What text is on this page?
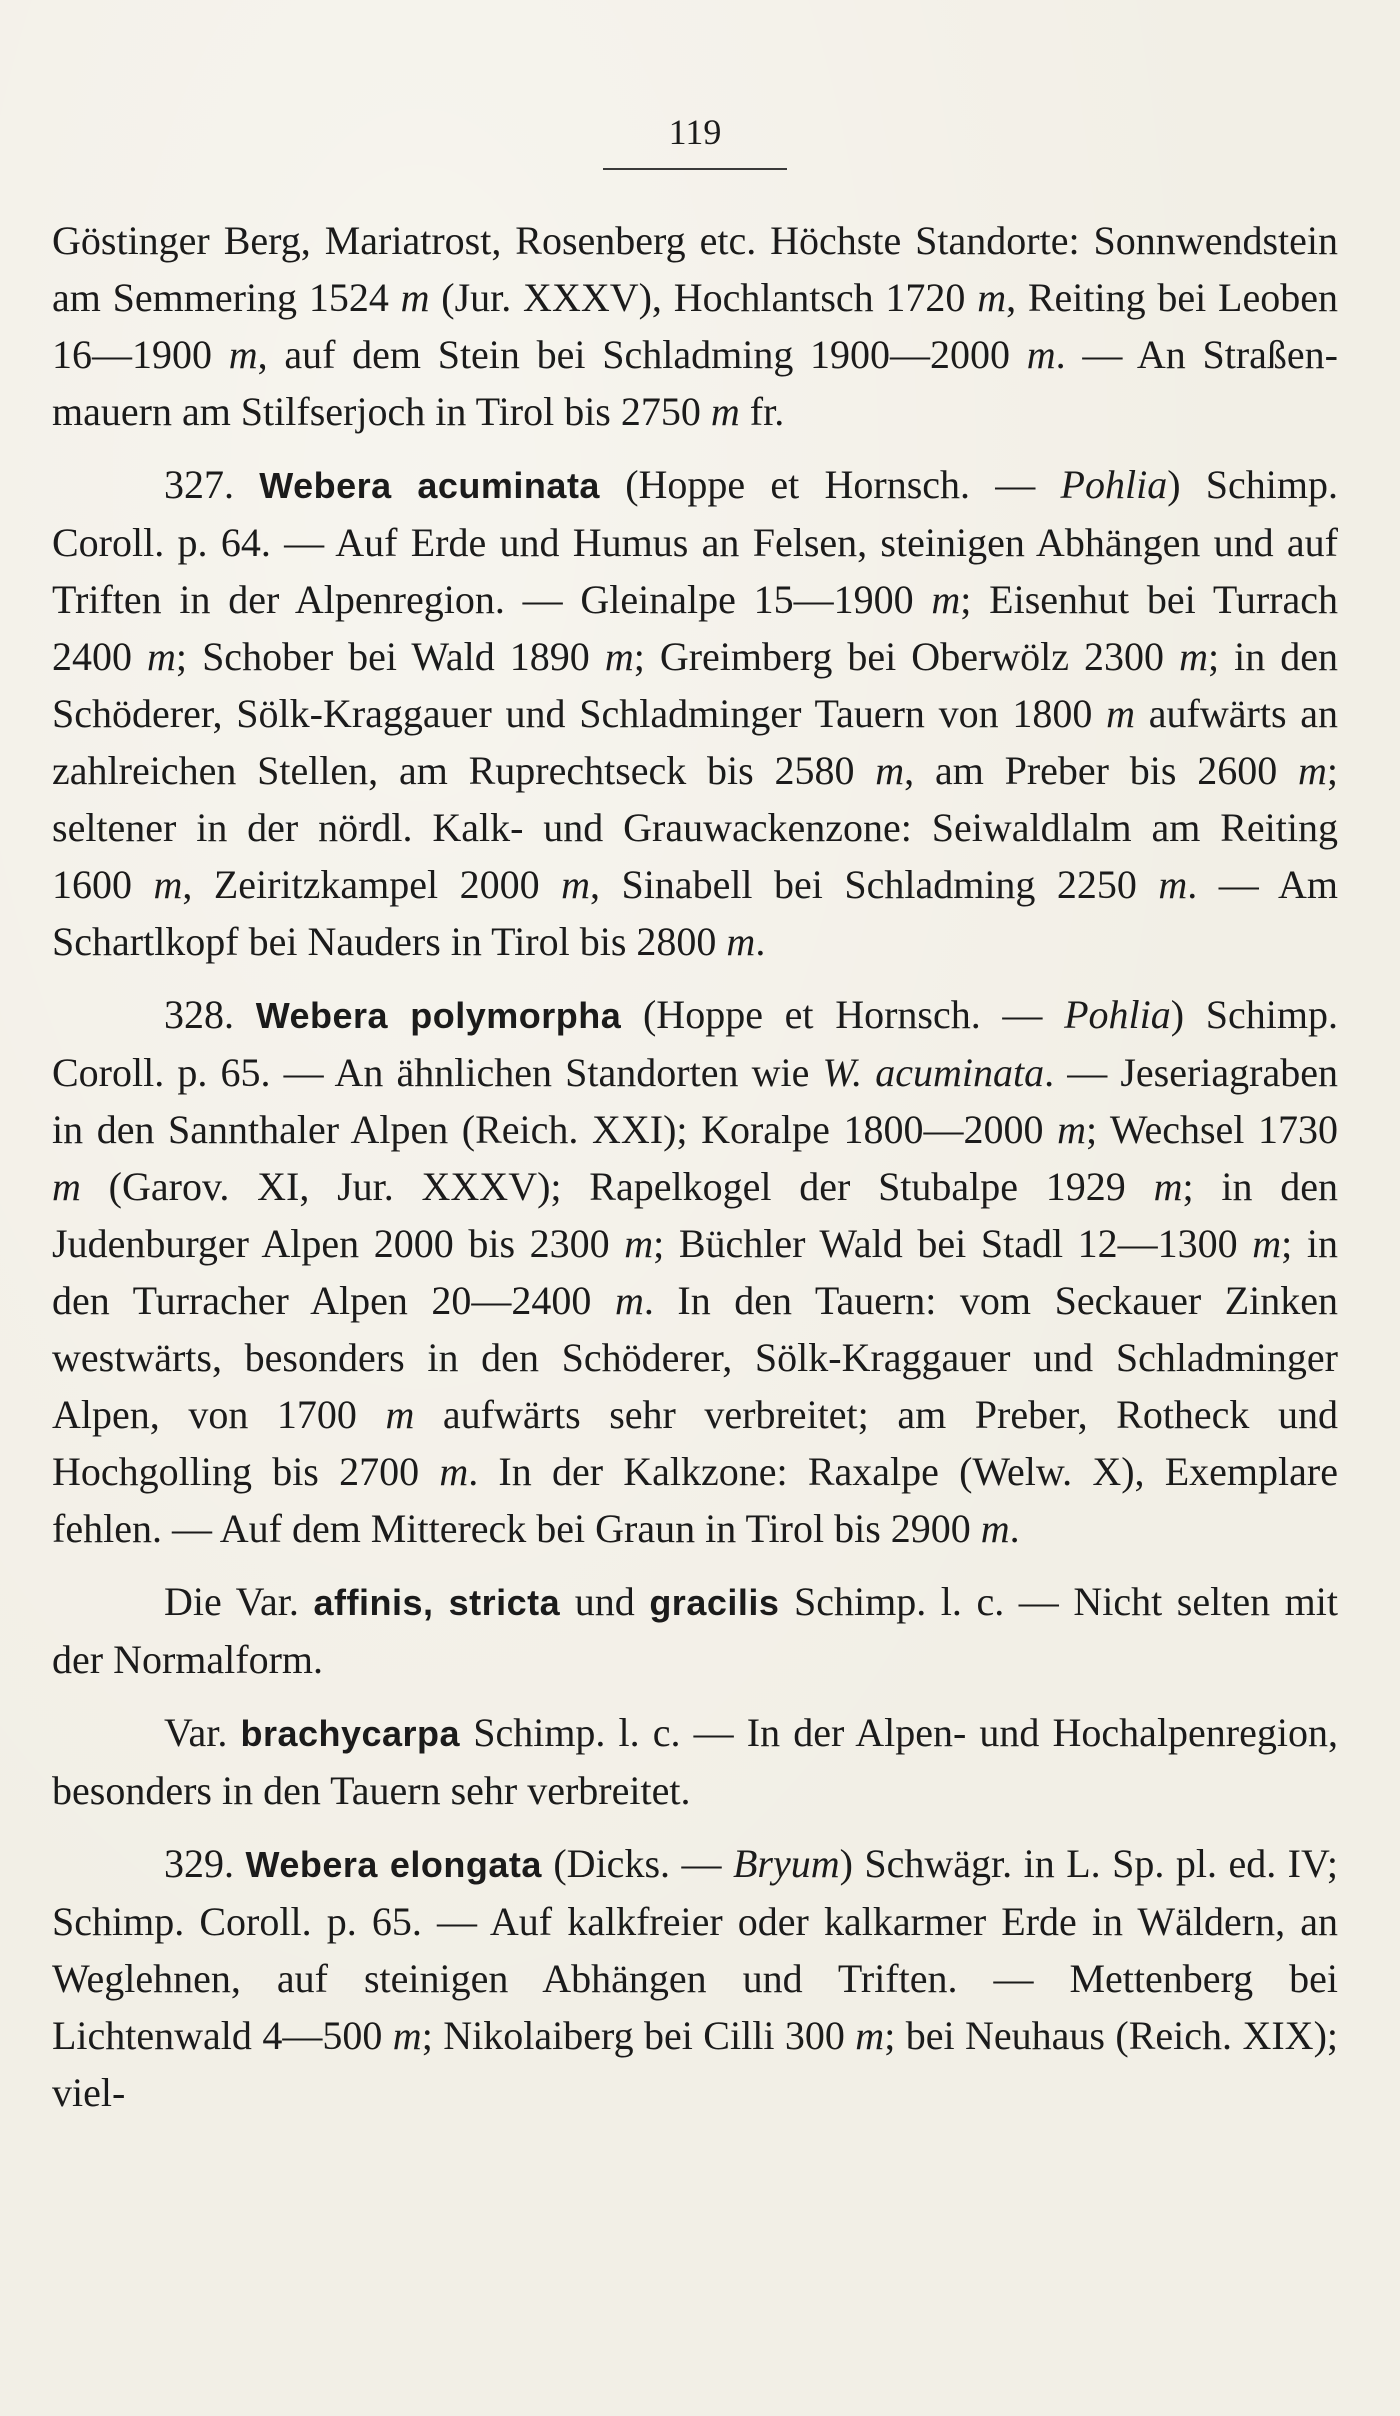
119

Göstinger Berg, Mariatrost, Rosenberg etc. Höchste Standorte: Sonnwendstein am Semmering 1524 m (Jur. XXXV), Hochlantsch 1720 m, Reiting bei Leoben 16—1900 m, auf dem Stein bei Schladming 1900—2000 m. — An Straßenmauern am Stilfserjoch in Tirol bis 2750 m fr.

327. Webera acuminata (Hoppe et Hornsch. — Pohlia) Schimp. Coroll. p. 64. — Auf Erde und Humus an Felsen, steinigen Abhängen und auf Triften in der Alpenregion. — Gleinalpe 15—1900 m; Eisenhut bei Turrach 2400 m; Schober bei Wald 1890 m; Greimberg bei Oberwölz 2300 m; in den Schöderer, Sölk-Kraggauer und Schladminger Tauern von 1800 m aufwärts an zahlreichen Stellen, am Ruprechtseck bis 2580 m, am Preber bis 2600 m; seltener in der nördl. Kalk- und Grauwackenzone: Seiwaldlalm am Reiting 1600 m, Zeiritzkampel 2000 m, Sinabell bei Schladming 2250 m. — Am Schartlkopf bei Nauders in Tirol bis 2800 m.

328. Webera polymorpha (Hoppe et Hornsch. — Pohlia) Schimp. Coroll. p. 65. — An ähnlichen Standorten wie W. acuminata. — Jeseriagraben in den Sannthaler Alpen (Reich. XXI); Koralpe 1800—2000 m; Wechsel 1730 m (Garov. XI, Jur. XXXV); Rapelkogel der Stubalpe 1929 m; in den Judenburger Alpen 2000 bis 2300 m; Büchler Wald bei Stadl 12—1300 m; in den Turracher Alpen 20—2400 m. In den Tauern: vom Seckauer Zinken westwärts, besonders in den Schöderer, Sölk-Kraggauer und Schladminger Alpen, von 1700 m aufwärts sehr verbreitet; am Preber, Rotheck und Hochgolling bis 2700 m. In der Kalkzone: Raxalpe (Welw. X), Exemplare fehlen. — Auf dem Mittereck bei Graun in Tirol bis 2900 m.

Die Var. affinis, stricta und gracilis Schimp. l. c. — Nicht selten mit der Normalform.

Var. brachycarpa Schimp. l. c. — In der Alpen- und Hochalpenregion, besonders in den Tauern sehr verbreitet.

329. Webera elongata (Dicks. — Bryum) Schwägr. in L. Sp. pl. ed. IV; Schimp. Coroll. p. 65. — Auf kalkfreier oder kalkarmer Erde in Wäldern, an Weglehnen, auf steinigen Abhängen und Triften. — Mettenberg bei Lichtenwald 4—500 m; Nikolaiberg bei Cilli 300 m; bei Neuhaus (Reich. XIX); viel-
